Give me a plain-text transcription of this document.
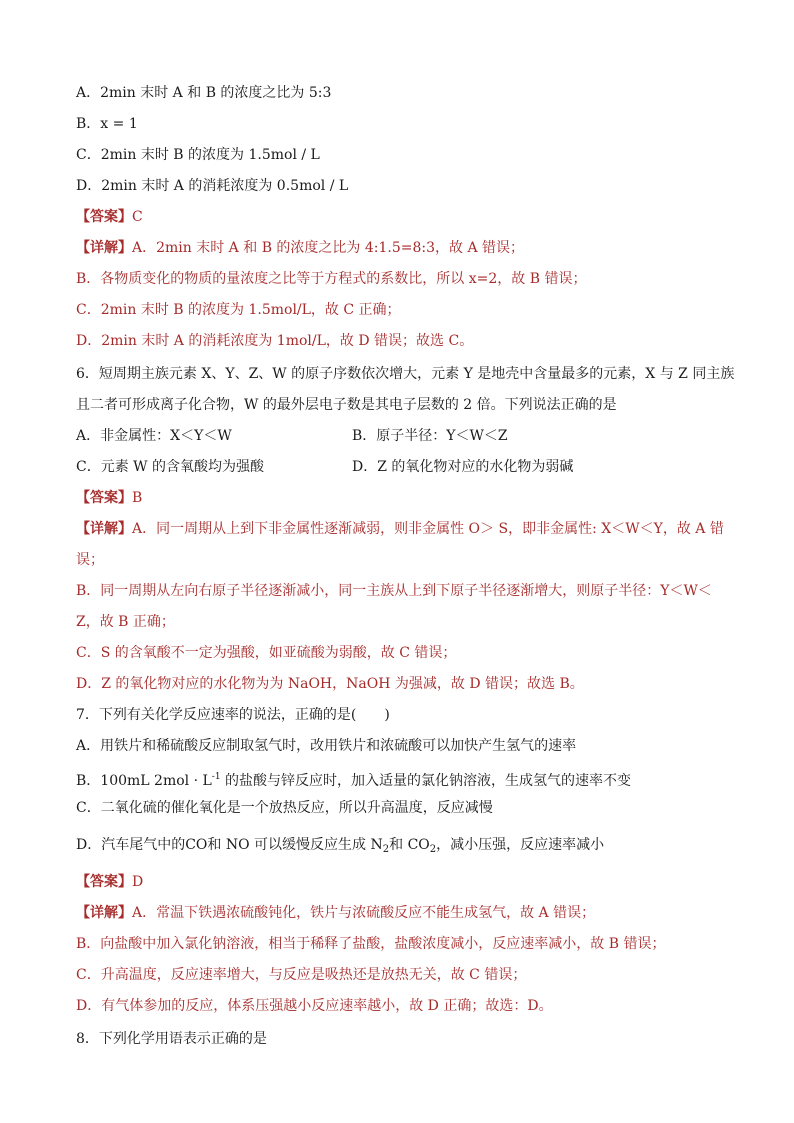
A．2min 末时 A 和 B 的浓度之比为 5:3
B．x = 1
C．2min 末时 B 的浓度为 1.5mol / L
D．2min 末时 A 的消耗浓度为 0.5mol / L
【答案】C
【详解】A．2min 末时 A 和 B 的浓度之比为 4:1.5=8:3，故 A 错误；
B．各物质变化的物质的量浓度之比等于方程式的系数比，所以 x=2，故 B 错误；
C．2min 末时 B 的浓度为 1.5mol/L，故 C 正确；
D．2min 末时 A 的消耗浓度为 1mol/L，故 D 错误；故选 C。
6．短周期主族元素 X、Y、Z、W 的原子序数依次增大，元素 Y 是地壳中含量最多的元素，X 与 Z 同主族
且二者可形成离子化合物，W 的最外层电子数是其电子层数的 2 倍。下列说法正确的是
A．非金属性：X＜Y＜W	B．原子半径：Y＜W＜Z
C．元素 W 的含氧酸均为强酸	D．Z 的氧化物对应的水化物为弱碱
【答案】B
【详解】A．同一周期从上到下非金属性逐渐减弱，则非金属性 O＞ S，即非金属性: X＜W＜Y，故 A 错
误；
B．同一周期从左向右原子半径逐渐减小，同一主族从上到下原子半径逐渐增大，则原子半径：Y＜W＜
Z，故 B 正确；
C．S 的含氧酸不一定为强酸，如亚硫酸为弱酸，故 C 错误；
D．Z 的氧化物对应的水化物为为 NaOH，NaOH 为强减，故 D 错误；故选 B。
7．下列有关化学反应速率的说法，正确的是(　　)
A．用铁片和稀硫酸反应制取氢气时，改用铁片和浓硫酸可以加快产生氢气的速率
B．100mL $2mol \cdot L^{-1}$ 的盐酸与锌反应时，加入适量的氯化钠溶液，生成氢气的速率不变
C．二氧化硫的催化氧化是一个放热反应，所以升高温度，反应减慢
D．汽车尾气中的CO和 NO 可以缓慢反应生成 $N_2$和 $CO_2$，减小压强，反应速率减小
【答案】D
【详解】A．常温下铁遇浓硫酸钝化，铁片与浓硫酸反应不能生成氢气，故 A 错误；
B．向盐酸中加入氯化钠溶液，相当于稀释了盐酸，盐酸浓度减小，反应速率减小，故 B 错误；
C．升高温度，反应速率增大，与反应是吸热还是放热无关，故 C 错误；
D．有气体参加的反应，体系压强越小反应速率越小，故 D 正确；故选：D。
8．下列化学用语表示正确的是
